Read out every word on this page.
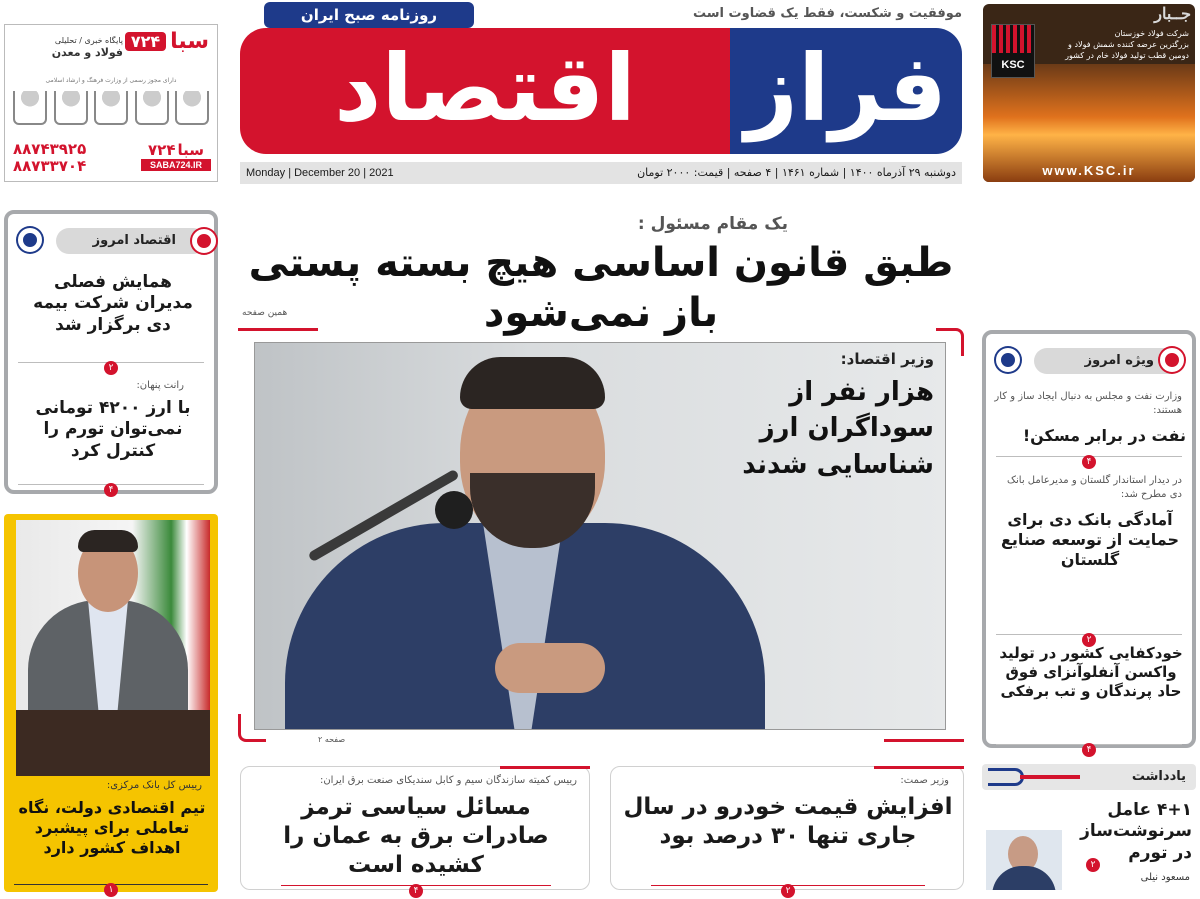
جــبار
KSC
شرکت فولاد خوزستان
بزرگترین عرضه کننده شمش فولاد و
دومین قطب تولید فولاد خام در کشور
www.KSC.ir
موفقیت و شکست، فقط یک قضاوت است
روزنامه صبح ایران
اقتصاد	فراز
دوشنبه ۲۹ آذرماه ۱۴۰۰ | شماره ۱۴۶۱ | ۴ صفحه | قیمت: ۲۰۰۰ تومان
Monday | December 20 | 2021
سبا
۷۲۴
پایگاه خبری / تحلیلی
فولاد و معدن
دارای مجوز رسمی از وزارت فرهنگ و ارشاد اسلامی
۸۸۷۴۳۹۲۵
۸۸۷۳۳۷۰۴
سبا
۷۲۴
SABA724.IR
یک مقام مسئول :
طبق قانون اساسی هیچ بسته پستی باز نمی‌شود
همین صفحه
وزیر اقتصاد:
هزار نفر از سوداگران ارز شناسایی شدند
صفحه ۲
اقتصاد امروز
همایش فصلی مدیران شرکت بیمه دی برگزار شد
۲
رانت پنهان:
با ارز ۴۲۰۰ تومانی نمی‌توان تورم را کنترل کرد
۴
رییس کل بانک مرکزی:
تیم اقتصادی دولت، نگاه تعاملی برای پیشبرد اهداف کشور دارد
۱
ویژه امروز
وزارت نفت و مجلس به دنبال ایجاد ساز و کار هستند:
نفت در برابر مسکن!
۴
در دیدار استاندار گلستان و مدیرعامل بانک دی مطرح شد:
آمادگی بانک دی برای حمایت از توسعه صنایع گلستان
۲
خودکفایی کشور در تولید واکسن آنفلوآنزای فوق حاد پرندگان و تب برفکی
۴
یادداشت
۴+۱ عامل سرنوشت‌ساز در تورم
مسعود نیلی
۲
وزیر صمت:
افزایش قیمت خودرو در سال جاری تنها ۳۰ درصد بود
۲
رییس کمیته سازندگان سیم و کابل سندیکای صنعت برق ایران:
مسائل سیاسی ترمز صادرات برق به عمان را کشیده است
۴
